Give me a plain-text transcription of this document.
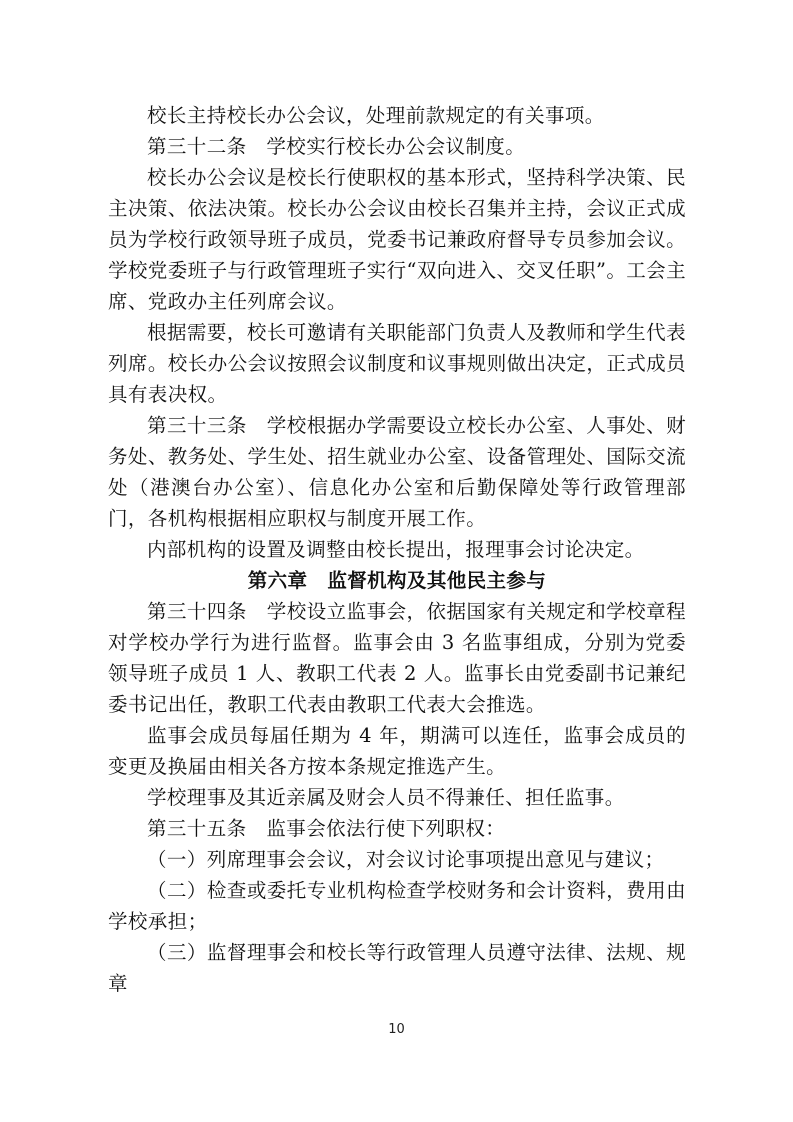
校长主持校长办公会议，处理前款规定的有关事项。

第三十二条　学校实行校长办公会议制度。

校长办公会议是校长行使职权的基本形式，坚持科学决策、民主决策、依法决策。校长办公会议由校长召集并主持，会议正式成员为学校行政领导班子成员，党委书记兼政府督导专员参加会议。学校党委班子与行政管理班子实行“双向进入、交叉任职”。工会主席、党政办主任列席会议。

根据需要，校长可邀请有关职能部门负责人及教师和学生代表列席。校长办公会议按照会议制度和议事规则做出决定，正式成员具有表决权。

第三十三条　学校根据办学需要设立校长办公室、人事处、财务处、教务处、学生处、招生就业办公室、设备管理处、国际交流处（港澳台办公室）、信息化办公室和后勤保障处等行政管理部门，各机构根据相应职权与制度开展工作。

内部机构的设置及调整由校长提出，报理事会讨论决定。

第六章　监督机构及其他民主参与

第三十四条　学校设立监事会，依据国家有关规定和学校章程对学校办学行为进行监督。监事会由 3 名监事组成，分别为党委领导班子成员 1 人、教职工代表 2 人。监事长由党委副书记兼纪委书记出任，教职工代表由教职工代表大会推选。

监事会成员每届任期为 4 年，期满可以连任，监事会成员的变更及换届由相关各方按本条规定推选产生。

学校理事及其近亲属及财会人员不得兼任、担任监事。

第三十五条　监事会依法行使下列职权：

（一）列席理事会会议，对会议讨论事项提出意见与建议；

（二）检查或委托专业机构检查学校财务和会计资料，费用由学校承担；

（三）监督理事会和校长等行政管理人员遵守法律、法规、规章

10
